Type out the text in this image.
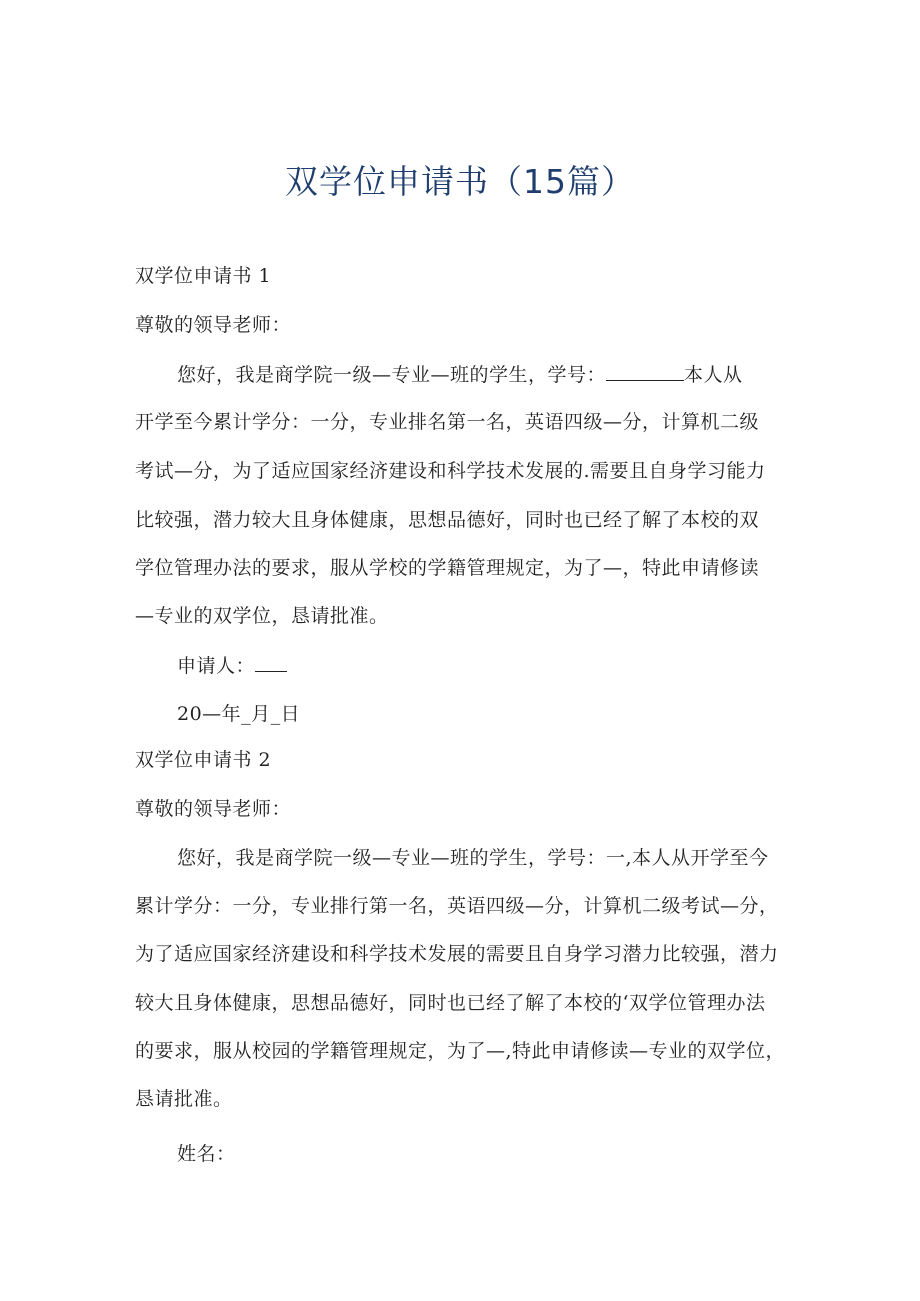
双学位申请书（15篇）
双学位申请书 1
尊敬的领导老师：
您好，我是商学院一级—专业—班的学生，学号：	本人从
开学至今累计学分：一分，专业排名第一名，英语四级—分，计算机二级
考试—分，为了适应国家经济建设和科学技术发展的.需要且自身学习能力
比较强，潜力较大且身体健康，思想品德好，同时也已经了解了本校的双
学位管理办法的要求，服从学校的学籍管理规定，为了—，特此申请修读
—专业的双学位，恳请批准。
申请人：
20—年_月_日
双学位申请书 2
尊敬的领导老师：
您好，我是商学院一级—专业—班的学生，学号：一,本人从开学至今
累计学分：一分，专业排行第一名，英语四级—分，计算机二级考试—分，
为了适应国家经济建设和科学技术发展的需要且自身学习潜力比较强，潜力
较大且身体健康，思想品德好，同时也已经了解了本校的‘双学位管理办法
的要求，服从校园的学籍管理规定，为了—,特此申请修读—专业的双学位，
恳请批准。
姓名：
